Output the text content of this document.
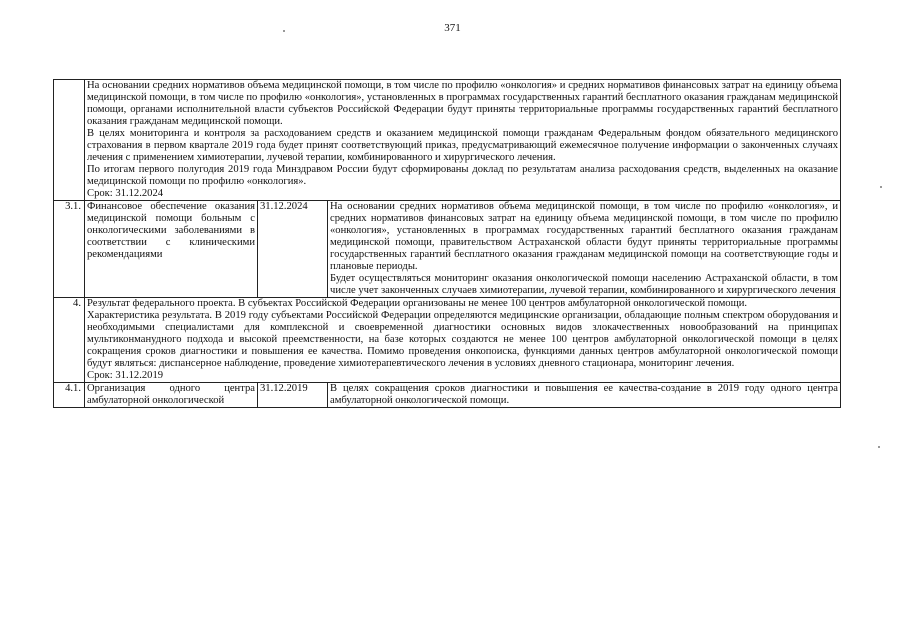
371

	На основании средних нормативов объема медицинской помощи, в том числе по профилю «онкология» и средних нормативов финансовых затрат на единицу объема медицинской помощи, в том числе по профилю «онкология», установленных в программах государственных гарантий бесплатного оказания гражданам медицинской помощи, органами исполнительной власти субъектов Российской Федерации будут приняты территориальные программы государственных гарантий бесплатного оказания гражданам медицинской помощи.
В целях мониторинга и контроля за расходованием средств и оказанием медицинской помощи гражданам Федеральным фондом обязательного медицинского страхования в первом квартале 2019 года будет принят соответствующий приказ, предусматривающий ежемесячное получение информации о законченных случаях лечения с применением химиотерапии, лучевой терапии, комбинированного и хирургического лечения.
По итогам первого полугодия 2019 года Минздравом России будут сформированы доклад по результатам анализа расходования средств, выделенных на оказание медицинской помощи по профилю «онкология».
Срок: 31.12.2024		

3.1.	Финансовое обеспечение оказания медицинской помощи больным с онкологическими заболеваниями в соответствии с клиническими рекомендациями	31.12.2024	На основании средних нормативов объема медицинской помощи, в том числе по профилю «онкология», и средних нормативов финансовых затрат на единицу объема медицинской помощи, в том числе по профилю «онкология», установленных в программах государственных гарантий бесплатного оказания гражданам медицинской помощи, правительством Астраханской области будут приняты территориальные программы государственных гарантий бесплатного оказания гражданам медицинской помощи на соответствующие годы и плановые периоды.
Будет осуществляться мониторинг оказания онкологической помощи населению Астраханской области, в том числе учет законченных случаев химиотерапии, лучевой терапии, комбинированного и хирургического лечения

4.	Результат федерального проекта. В субъектах Российской Федерации организованы не менее 100 центров амбулаторной онкологической помощи.
Характеристика результата. В 2019 году субъектами Российской Федерации определяются медицинские организации, обладающие полным спектром оборудования и необходимыми специалистами для комплексной и своевременной диагностики основных видов злокачественных новообразований на принципах мультиконманудного подхода и высокой преемственности, на базе которых создаются не менее 100 центров амбулаторной онкологической помощи в целях сокращения сроков диагностики и повышения ее качества. Помимо проведения онкопоиска, функциями данных центров амбулаторной онкологической помощи будут являться: диспансерное наблюдение, проведение химиотерапевтического лечения в условиях дневного стационара, мониторинг лечения.
Срок: 31.12.2019		

4.1.	Организация одного центра амбулаторной онкологической	31.12.2019	В целях сокращения сроков диагностики и повышения ее качества-создание в 2019 году одного центра амбулаторной онкологической помощи.
